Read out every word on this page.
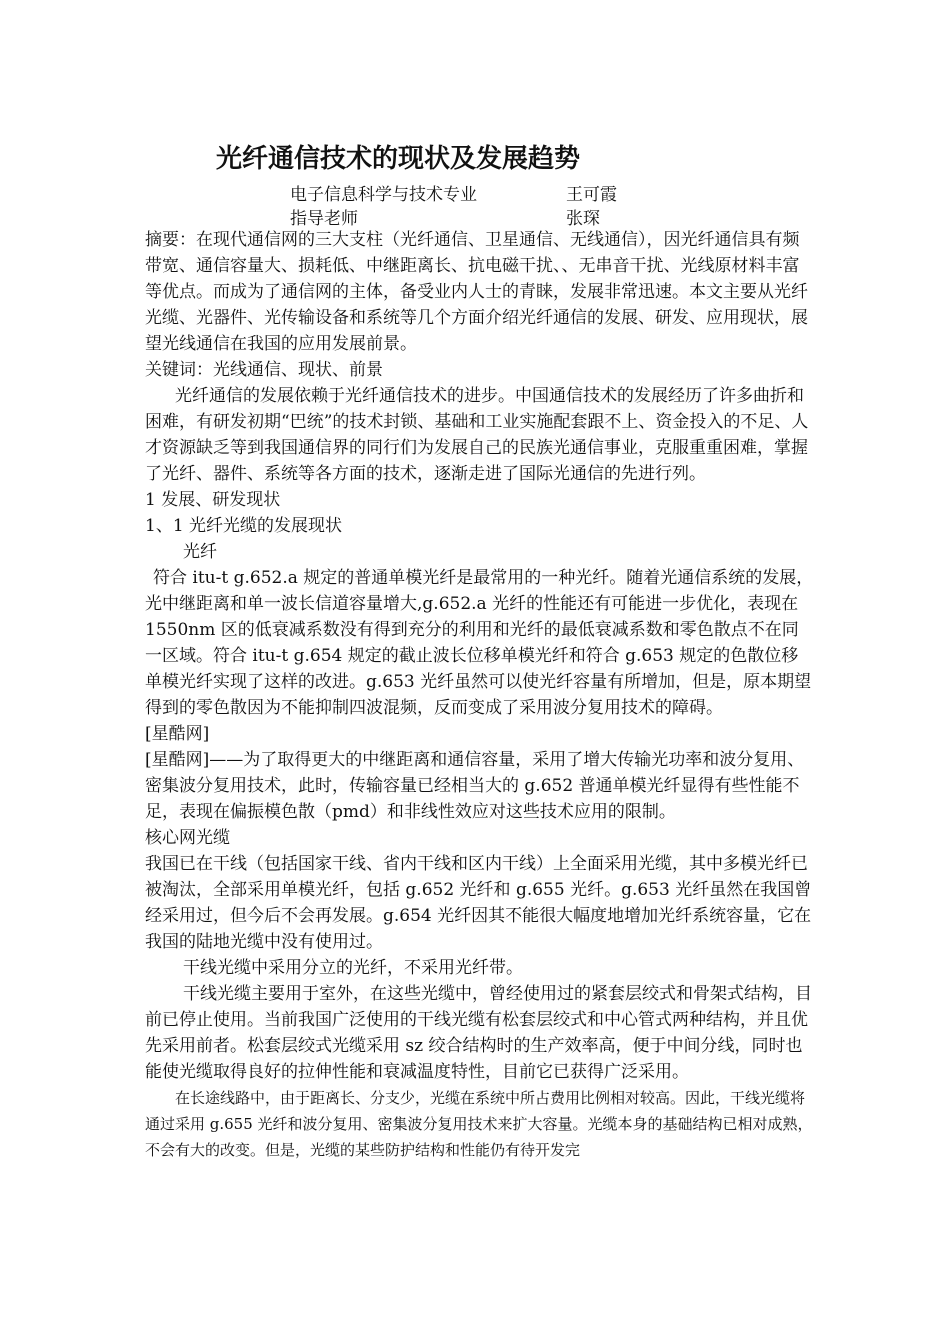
光纤通信技术的现状及发展趋势
电子信息科学与技术专业	王可霞
指导老师	张琛

摘要：在现代通信网的三大支柱（光纤通信、卫星通信、无线通信），因光纤通信具有频带宽、通信容量大、损耗低、中继距离长、抗电磁干扰、、无串音干扰、光线原材料丰富等优点。而成为了通信网的主体，备受业内人士的青睐，发展非常迅速。本文主要从光纤光缆、光器件、光传输设备和系统等几个方面介绍光纤通信的发展、研发、应用现状，展望光线通信在我国的应用发展前景。

关键词：光线通信、现状、前景

光纤通信的发展依赖于光纤通信技术的进步。中国通信技术的发展经历了许多曲折和困难，有研发初期“巴统”的技术封锁、基础和工业实施配套跟不上、资金投入的不足、人才资源缺乏等到我国通信界的同行们为发展自己的民族光通信事业，克服重重困难，掌握了光纤、器件、系统等各方面的技术，逐渐走进了国际光通信的先进行列。

1 发展、研发现状

1、1 光纤光缆的发展现状

光纤

符合 itu-t g.652.a 规定的普通单模光纤是最常用的一种光纤。随着光通信系统的发展，光中继距离和单一波长信道容量增大,g.652.a 光纤的性能还有可能进一步优化，表现在 1550nm 区的低衰减系数没有得到充分的利用和光纤的最低衰减系数和零色散点不在同一区域。符合 itu-t g.654 规定的截止波长位移单模光纤和符合 g.653 规定的色散位移单模光纤实现了这样的改进。g.653 光纤虽然可以使光纤容量有所增加，但是，原本期望得到的零色散因为不能抑制四波混频，反而变成了采用波分复用技术的障碍。

[星酷网]

[星酷网]——为了取得更大的中继距离和通信容量，采用了增大传输光功率和波分复用、密集波分复用技术，此时，传输容量已经相当大的 g.652 普通单模光纤显得有些性能不足，表现在偏振模色散（pmd）和非线性效应对这些技术应用的限制。

核心网光缆

我国已在干线（包括国家干线、省内干线和区内干线）上全面采用光缆，其中多模光纤已被淘汰，全部采用单模光纤，包括 g.652 光纤和 g.655 光纤。g.653 光纤虽然在我国曾经采用过，但今后不会再发展。g.654 光纤因其不能很大幅度地增加光纤系统容量，它在我国的陆地光缆中没有使用过。

干线光缆中采用分立的光纤，不采用光纤带。

干线光缆主要用于室外，在这些光缆中，曾经使用过的紧套层绞式和骨架式结构，目前已停止使用。当前我国广泛使用的干线光缆有松套层绞式和中心管式两种结构，并且优先采用前者。松套层绞式光缆采用 sz 绞合结构时的生产效率高，便于中间分线，同时也能使光缆取得良好的拉伸性能和衰减温度特性，目前它已获得广泛采用。

在长途线路中，由于距离长、分支少，光缆在系统中所占费用比例相对较高。因此，干线光缆将通过采用 g.655 光纤和波分复用、密集波分复用技术来扩大容量。光缆本身的基础结构已相对成熟，不会有大的改变。但是，光缆的某些防护结构和性能仍有待开发完
